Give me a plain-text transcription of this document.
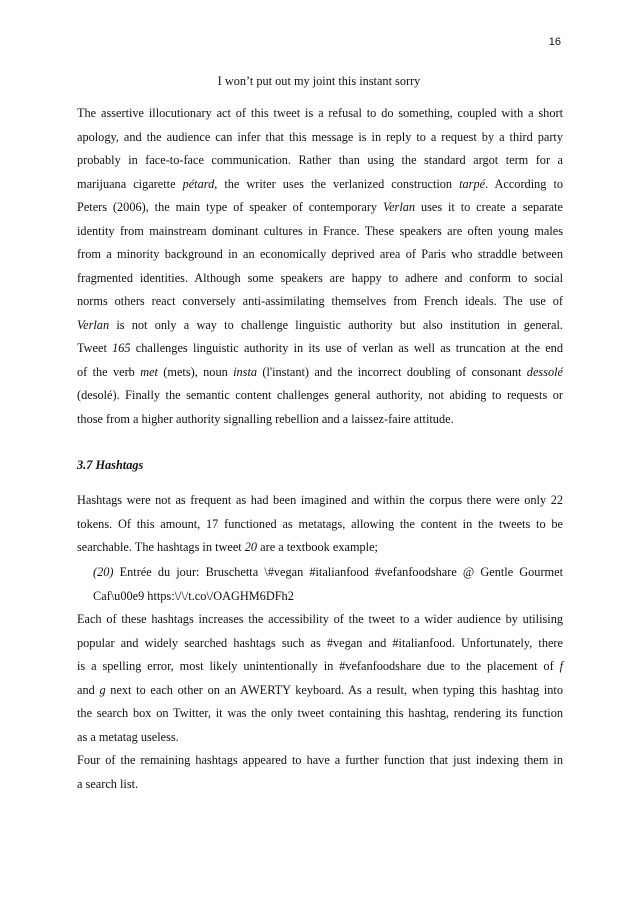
16
I won’t put out my joint this instant sorry
The assertive illocutionary act of this tweet is a refusal to do something, coupled with a short
apology, and the audience can infer that this message is in reply to a request by a third party
probably in face-to-face communication. Rather than using the standard argot term for a
marijuana cigarette pétard, the writer uses the verlanized construction tarpé. According to
Peters (2006), the main type of speaker of contemporary Verlan uses it to create a separate
identity from mainstream dominant cultures in France. These speakers are often young males
from a minority background in an economically deprived area of Paris who straddle between
fragmented identities. Although some speakers are happy to adhere and conform to social
norms others react conversely anti-assimilating themselves from French ideals. The use of
Verlan is not only a way to challenge linguistic authority but also institution in general.
Tweet 165 challenges linguistic authority in its use of verlan as well as truncation at the end
of the verb met (mets), noun insta (l'instant) and the incorrect doubling of consonant dessolé
(desolé). Finally the semantic content challenges general authority, not abiding to requests or
those from a higher authority signalling rebellion and a laissez-faire attitude.
3.7 Hashtags
Hashtags were not as frequent as had been imagined and within the corpus there were only 22
tokens. Of this amount, 17 functioned as metatags, allowing the content in the tweets to be
searchable. The hashtags in tweet 20 are a textbook example;
(20) Entrée du jour: Bruschetta \#vegan #italianfood #vefanfoodshare @ Gentle Gourmet
Caf\u00e9 https:\/\/t.co\/OAGHM6DFh2
Each of these hashtags increases the accessibility of the tweet to a wider audience by utilising
popular and widely searched hashtags such as #vegan and #italianfood. Unfortunately, there
is a spelling error, most likely unintentionally in #vefanfoodshare due to the placement of f
and g next to each other on an AWERTY keyboard. As a result, when typing this hashtag into
the search box on Twitter, it was the only tweet containing this hashtag, rendering its function
as a metatag useless.
Four of the remaining hashtags appeared to have a further function that just indexing them in
a search list.
